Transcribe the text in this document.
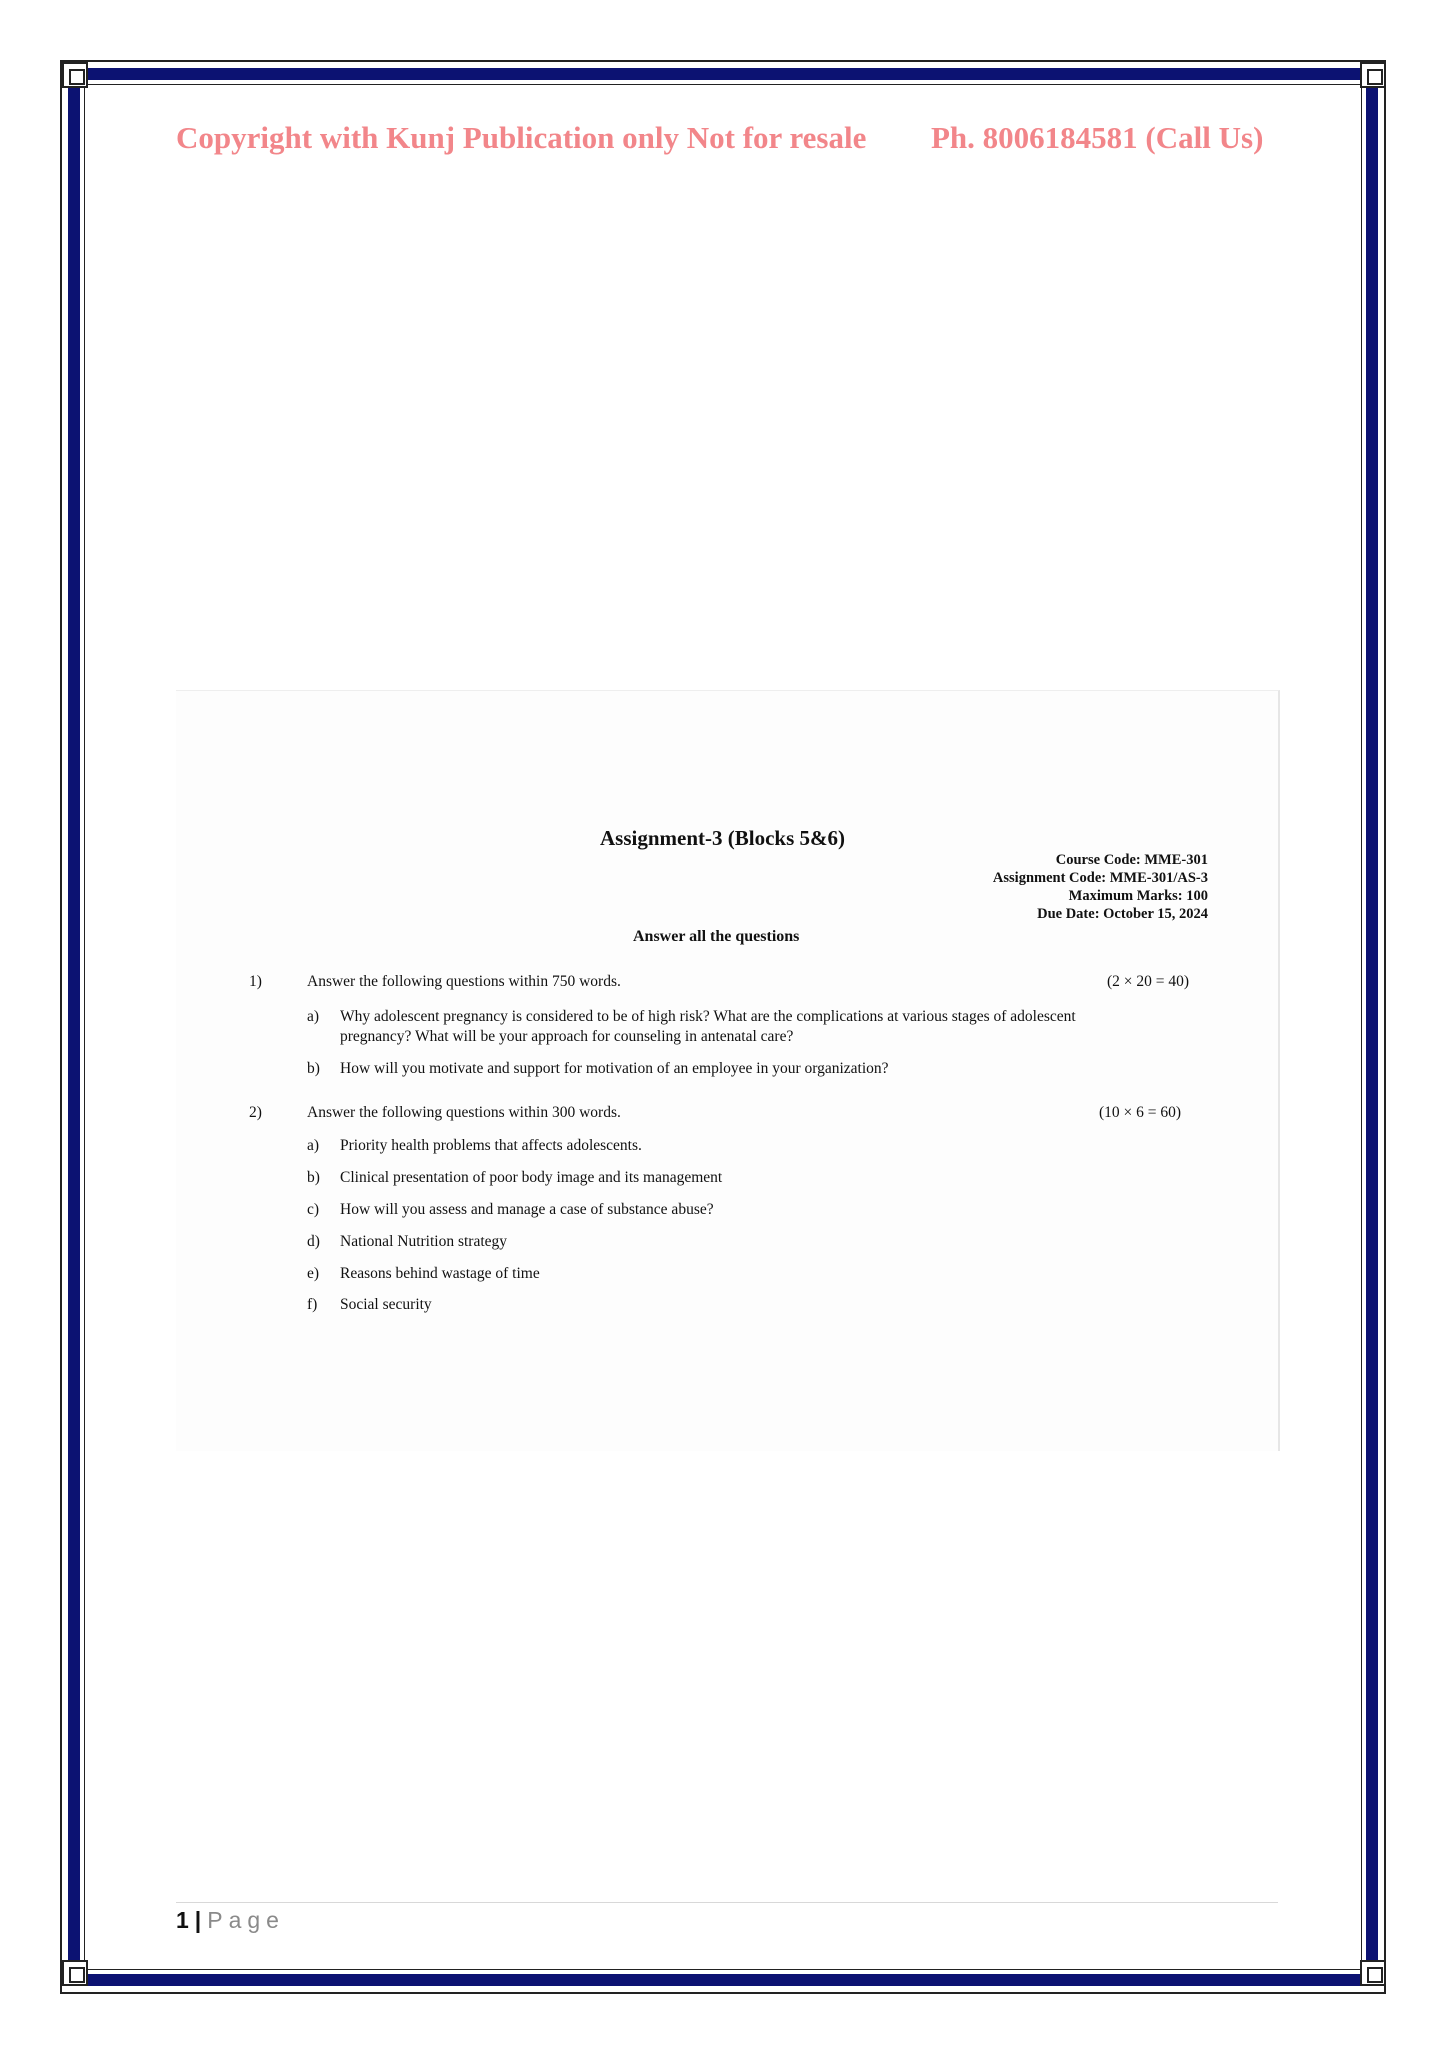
Copyright with Kunj Publication only Not for resale Ph. 8006184581 (Call Us)
Assignment-3 (Blocks 5&6)
Course Code: MME-301
Assignment Code: MME-301/AS-3
Maximum Marks: 100
Due Date: October 15, 2024
Answer all the questions
1)	Answer the following questions within 750 words.	(2 × 20 = 40)
a) Why adolescent pregnancy is considered to be of high risk? What are the complications at various stages of adolescent pregnancy? What will be your approach for counseling in antenatal care?
b) How will you motivate and support for motivation of an employee in your organization?
2)	Answer the following questions within 300 words.	(10 × 6 = 60)
a) Priority health problems that affects adolescents.
b) Clinical presentation of poor body image and its management
c) How will you assess and manage a case of substance abuse?
d) National Nutrition strategy
e) Reasons behind wastage of time
f) Social security
1 | Page
